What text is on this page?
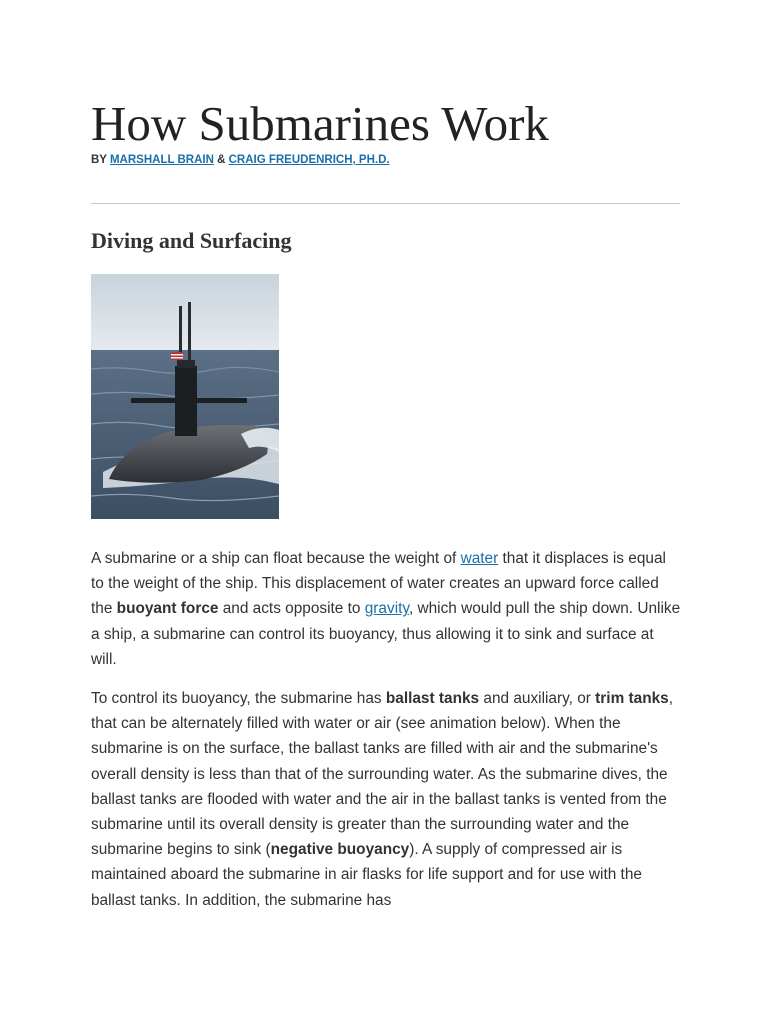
How Submarines Work
BY MARSHALL BRAIN & CRAIG FREUDENRICH, PH.D.
Diving and Surfacing

A submarine or a ship can float because the weight of water that it displaces is equal to the weight of the ship. This displacement of water creates an upward force called the buoyant force and acts opposite to gravity, which would pull the ship down. Unlike a ship, a submarine can control its buoyancy, thus allowing it to sink and surface at will.

To control its buoyancy, the submarine has ballast tanks and auxiliary, or trim tanks, that can be alternately filled with water or air (see animation below). When the submarine is on the surface, the ballast tanks are filled with air and the submarine's overall density is less than that of the surrounding water. As the submarine dives, the ballast tanks are flooded with water and the air in the ballast tanks is vented from the submarine until its overall density is greater than the surrounding water and the submarine begins to sink (negative buoyancy). A supply of compressed air is maintained aboard the submarine in air flasks for life support and for use with the ballast tanks. In addition, the submarine has
